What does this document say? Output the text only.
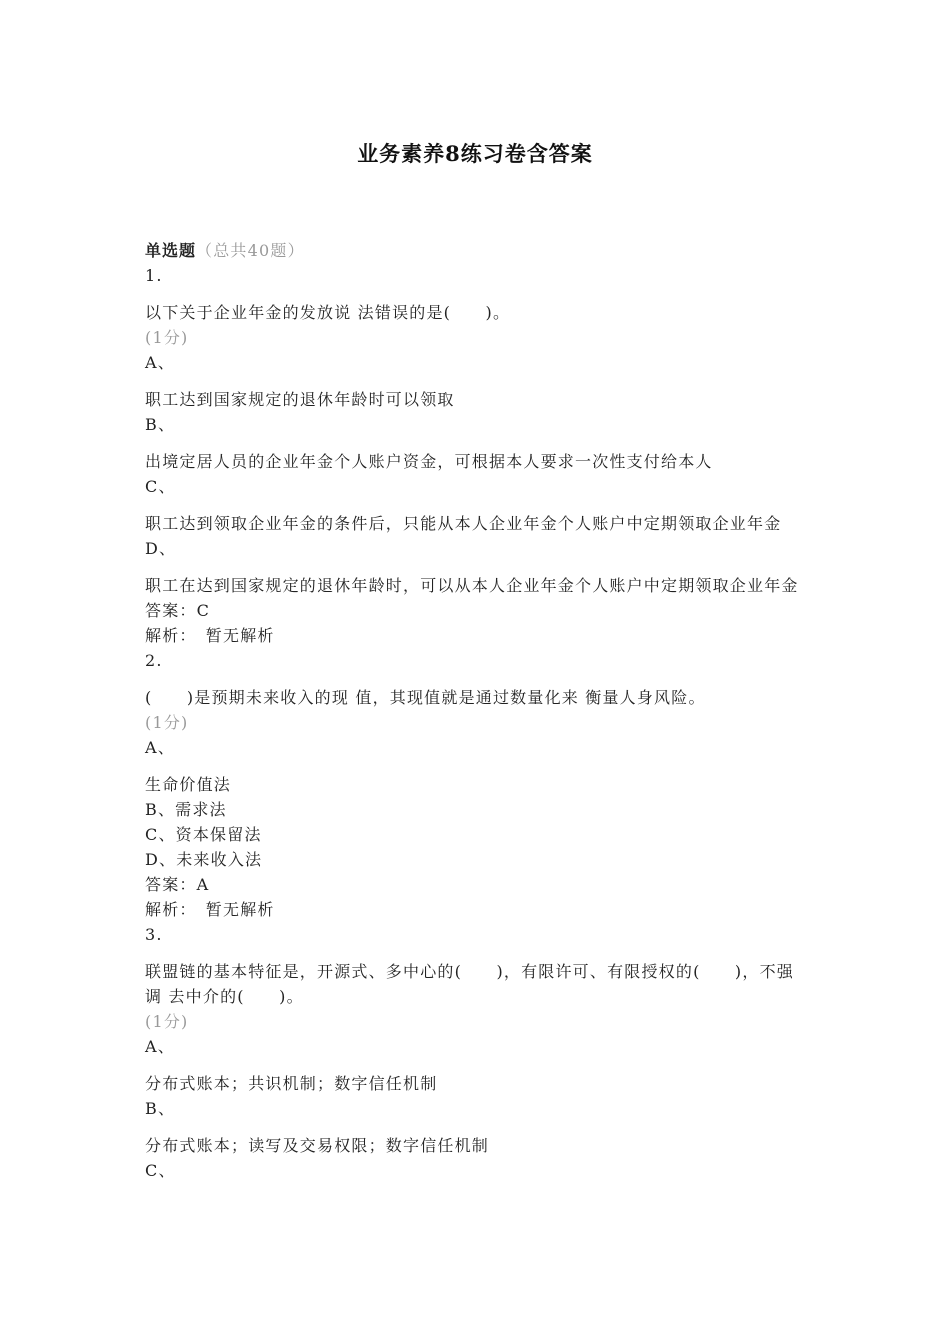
业务素养8练习卷含答案
单选题（总共40题）
1.
以下关于企业年金的发放说 法错误的是(　　)。
(1分)
A、
职工达到国家规定的退休年龄时可以领取
B、
出境定居人员的企业年金个人账户资金，可根据本人要求一次性支付给本人
C、
职工达到领取企业年金的条件后，只能从本人企业年金个人账户中定期领取企业年金
D、
职工在达到国家规定的退休年龄时，可以从本人企业年金个人账户中定期领取企业年金
答案：C
解析：　暂无解析
2.
(　　)是预期未来收入的现 值，其现值就是通过数量化来 衡量人身风险。
(1分)
A、
生命价值法
B、需求法
C、资本保留法
D、未来收入法
答案：A
解析：　暂无解析
3.
联盟链的基本特征是，开源式、多中心的(　　)，有限许可、有限授权的(　　)，不强调 去中介的(　　)。
(1分)
A、
分布式账本；共识机制；数字信任机制
B、
分布式账本；读写及交易权限；数字信任机制
C、
